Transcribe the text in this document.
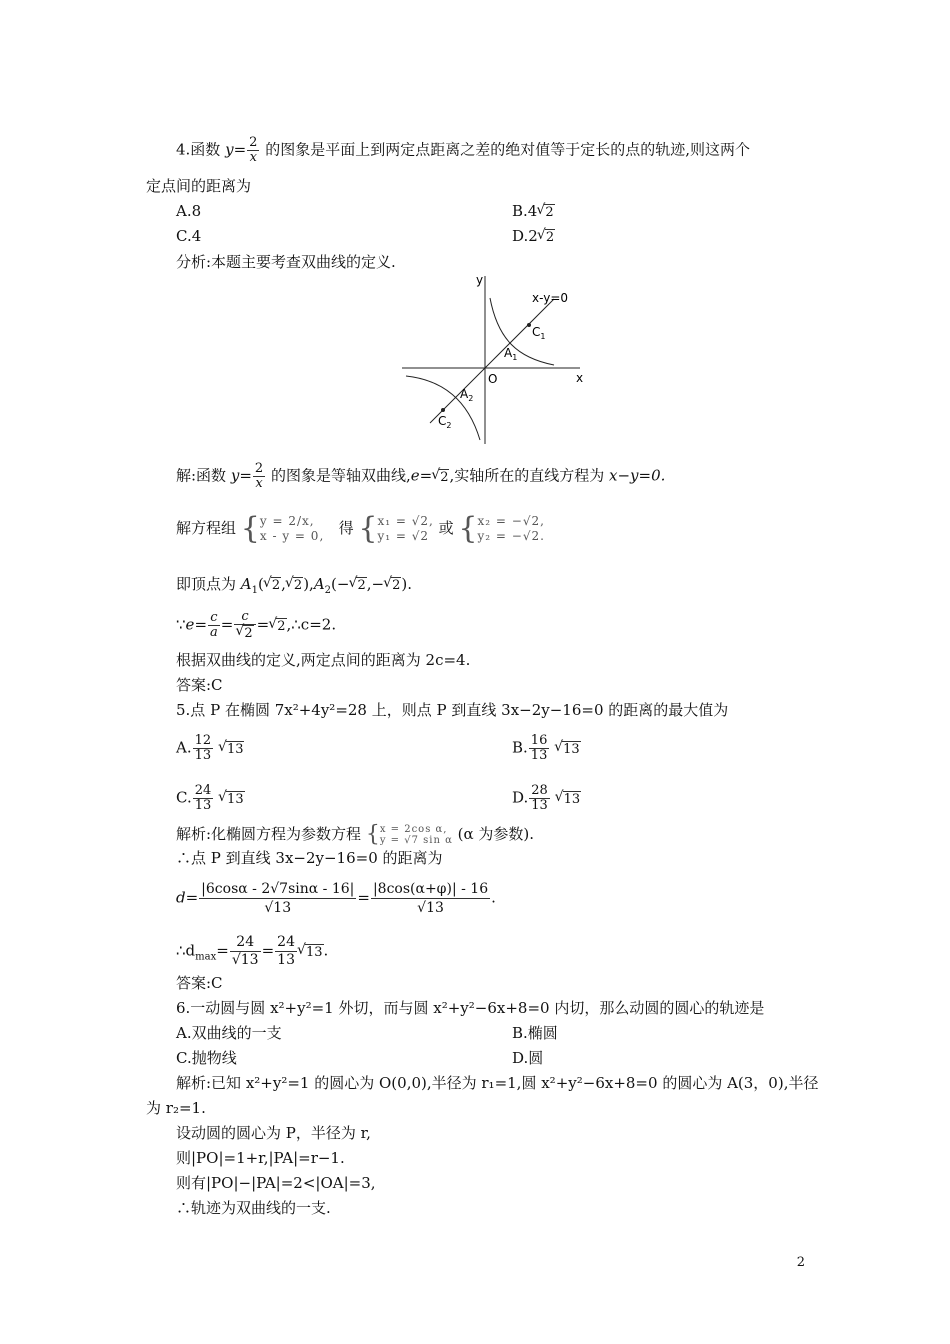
4.函数 $y= \frac{2}{x}$ 的图象是平面上到两定点距离之差的绝对值等于定长的点的轨迹,则这两个
定点间的距离为
A.8	B.4√ 2
C.4	D.2√ 2
分析:本题主要考查双曲线的定义.
y
x
O
x-y=0
$C_1$
$A_1$
$A_2$
$C_2$
解:函数 $y= \frac{2}{x}$ 的图象是等轴双曲线,e=√ 2,实轴所在的直线方程为 x−y=0.
解方程组 { y = 2/x,
x - y = 0, 得 { x₁ = √2,
y₁ = √2 或 { x₂ = −√2,
y₂ = −√2.
即顶点为 $A_1(√$ 2,√ $2),A_2(-√$ 2,−√ 2).
∵e= $\frac{c}{a} = c$
√ 2 =√ 2,∴c=2.
根据双曲线的定义,两定点间的距离为 2c=4.
答案:C
5.点 P 在椭圆 7x²+4y²=28 上，则点 P 到直线 3x−2y−16=0 的距离的最大值为
A. $\frac{12}{13}$
√ 13	B. $\frac{16}{13}$
√ 13
C. $\frac{24}{13}$
√ 13	D. $\frac{28}{13}$
√ 13
解析:化椭圆方程为参数方程 { x = 2cos α,
y = √7 sin α (α 为参数).
∴点 P 到直线 3x−2y−16=0 的距离为
$d= \frac{|6\cos\alpha - 2√7\sin\alpha - 16|}{√13} = \frac{|8\cos(\alpha+\varphi)| - 16}{√13}$ .
$\therefore d_{max}= \frac{24}{√13} = \frac{24}{13}$
√ 13.
答案:C
6.一动圆与圆 x²+y²=1 外切，而与圆 x²+y²−6x+8=0 内切，那么动圆的圆心的轨迹是
A.双曲线的一支	B.椭圆
C.抛物线	D.圆
解析:已知 x²+y²=1 的圆心为 O(0,0),半径为 r₁=1,圆 x²+y²−6x+8=0 的圆心为 A(3，0),半径
为 r₂=1.
设动圆的圆心为 P，半径为 r,
则|PO|=1+r,|PA|=r−1.
则有|PO|−|PA|=2<|OA|=3,
∴轨迹为双曲线的一支.
2
